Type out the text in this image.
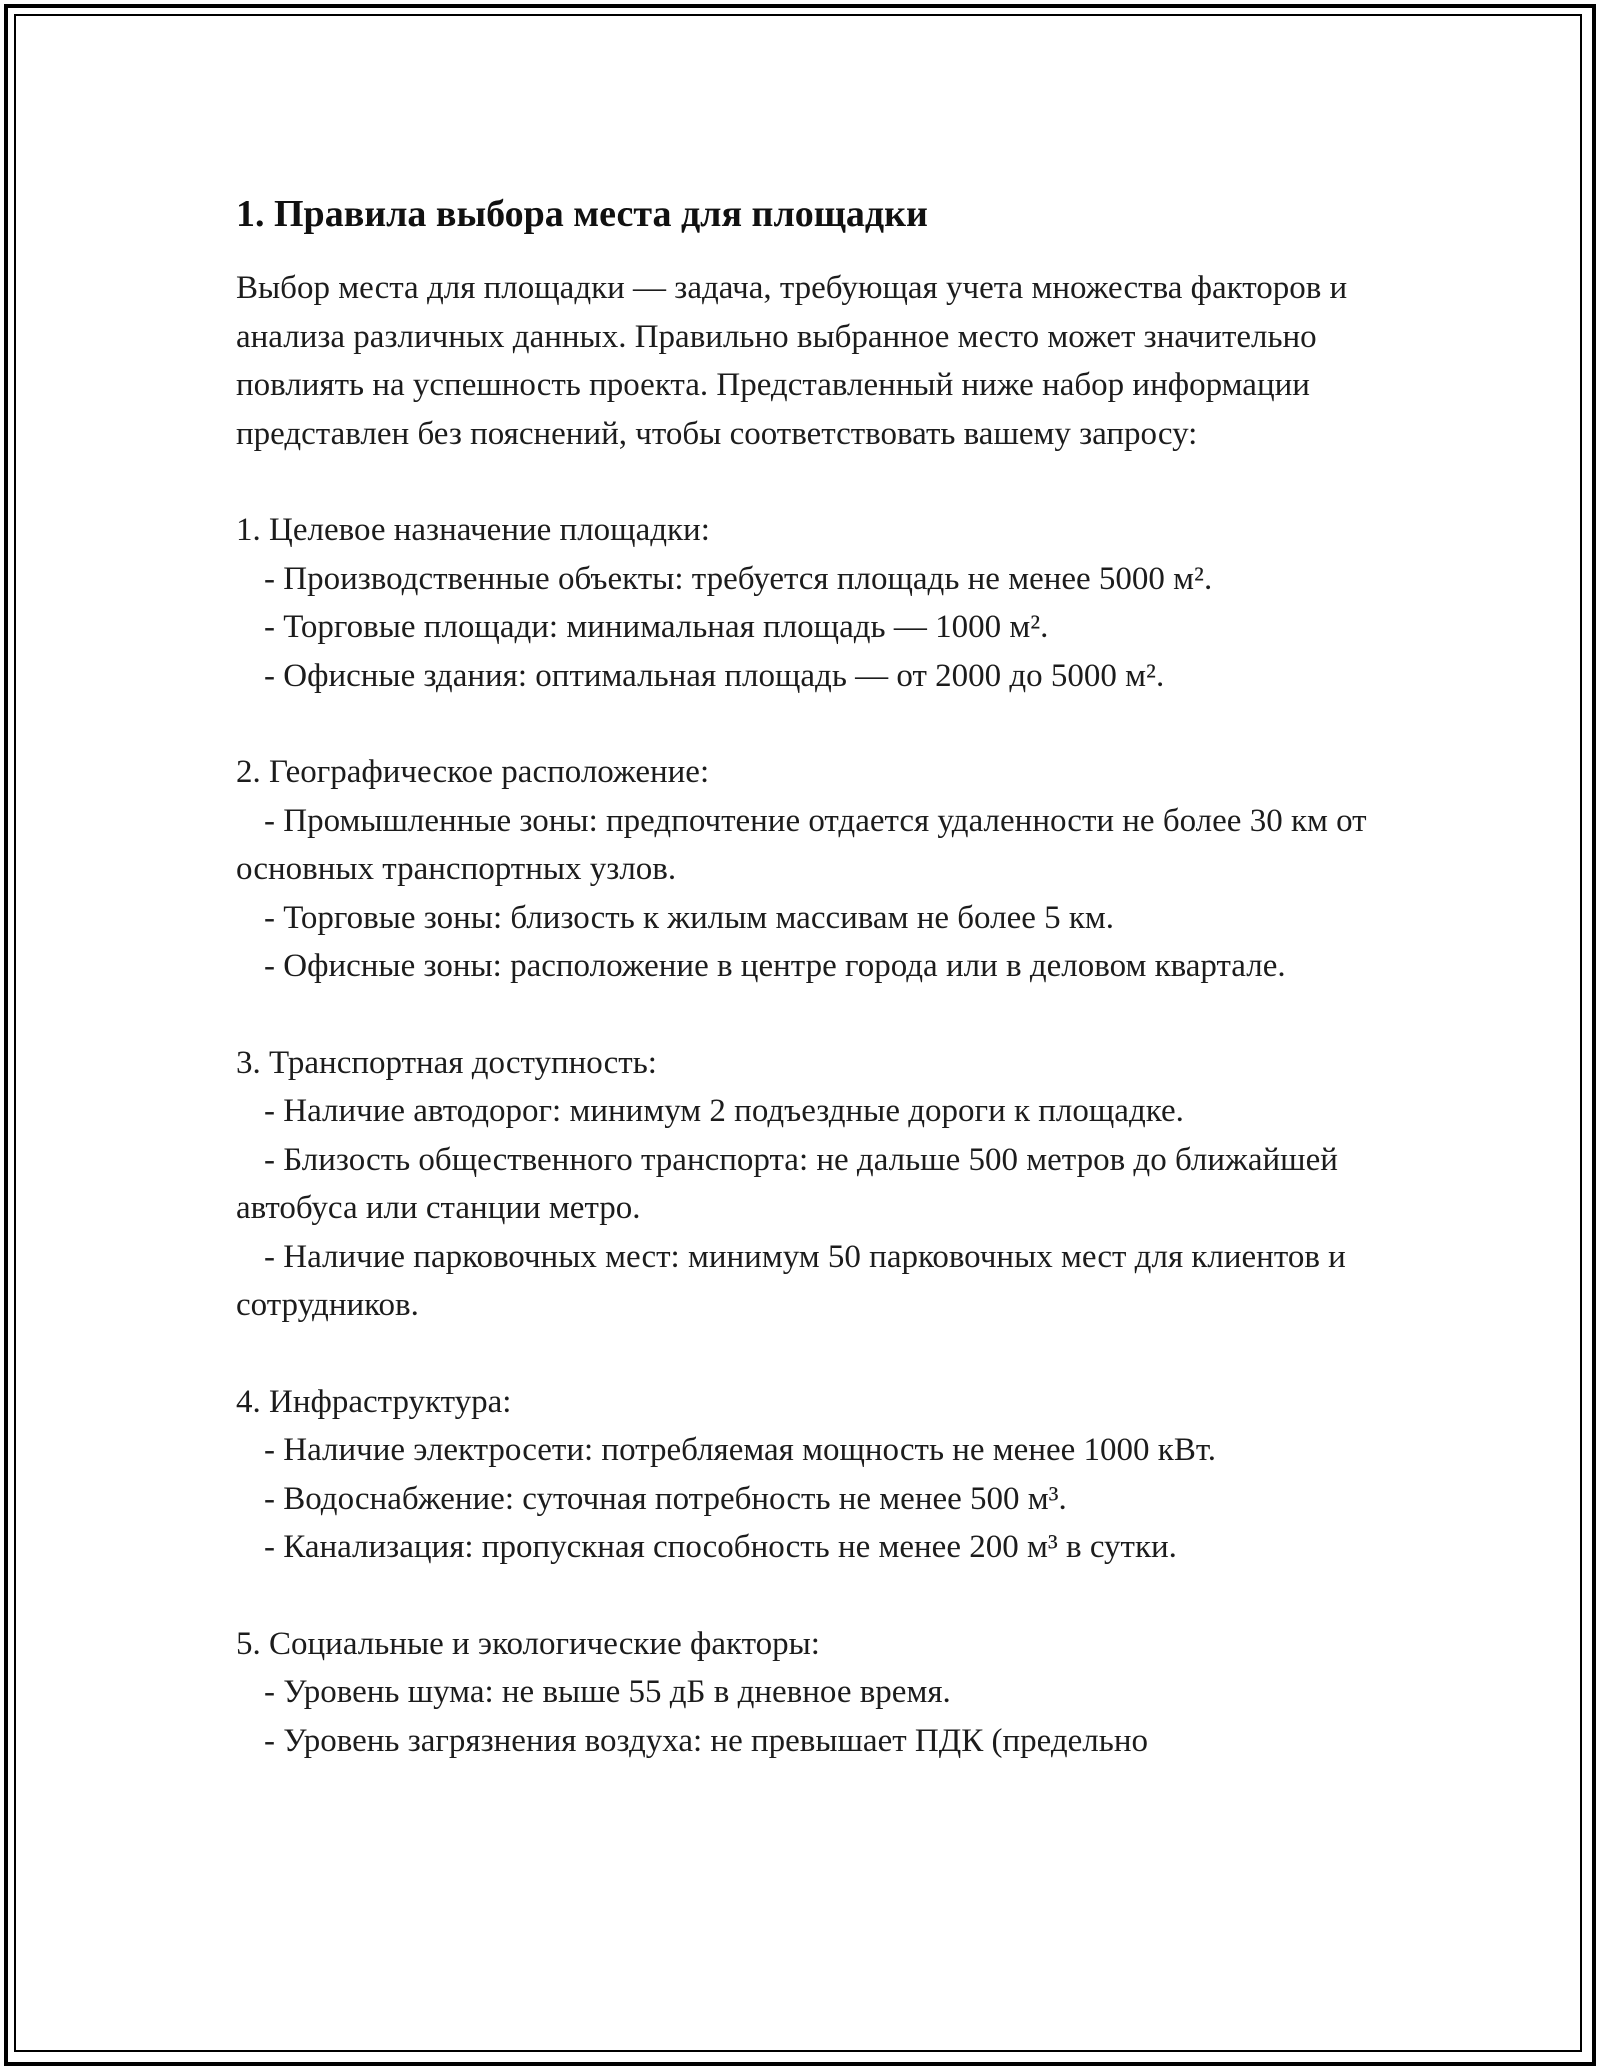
1. Правила выбора места для площадки

Выбор места для площадки — задача, требующая учета множества факторов и анализа различных данных. Правильно выбранное место может значительно повлиять на успешность проекта. Представленный ниже набор информации представлен без пояснений, чтобы соответствовать вашему запросу:

1. Целевое назначение площадки:
- Производственные объекты: требуется площадь не менее 5000 м².
- Торговые площади: минимальная площадь — 1000 м².
- Офисные здания: оптимальная площадь — от 2000 до 5000 м².
2. Географическое расположение:
- Промышленные зоны: предпочтение отдается удаленности не более 30 км от основных транспортных узлов.
- Торговые зоны: близость к жилым массивам не более 5 км.
- Офисные зоны: расположение в центре города или в деловом квартале.
3. Транспортная доступность:
- Наличие автодорог: минимум 2 подъездные дороги к площадке.
- Близость общественного транспорта: не дальше 500 метров до ближайшей автобуса или станции метро.
- Наличие парковочных мест: минимум 50 парковочных мест для клиентов и сотрудников.
4. Инфраструктура:
- Наличие электросети: потребляемая мощность не менее 1000 кВт.
- Водоснабжение: суточная потребность не менее 500 м³.
- Канализация: пропускная способность не менее 200 м³ в сутки.
5. Социальные и экологические факторы:
- Уровень шума: не выше 55 дБ в дневное время.
- Уровень загрязнения воздуха: не превышает ПДК (предельно
